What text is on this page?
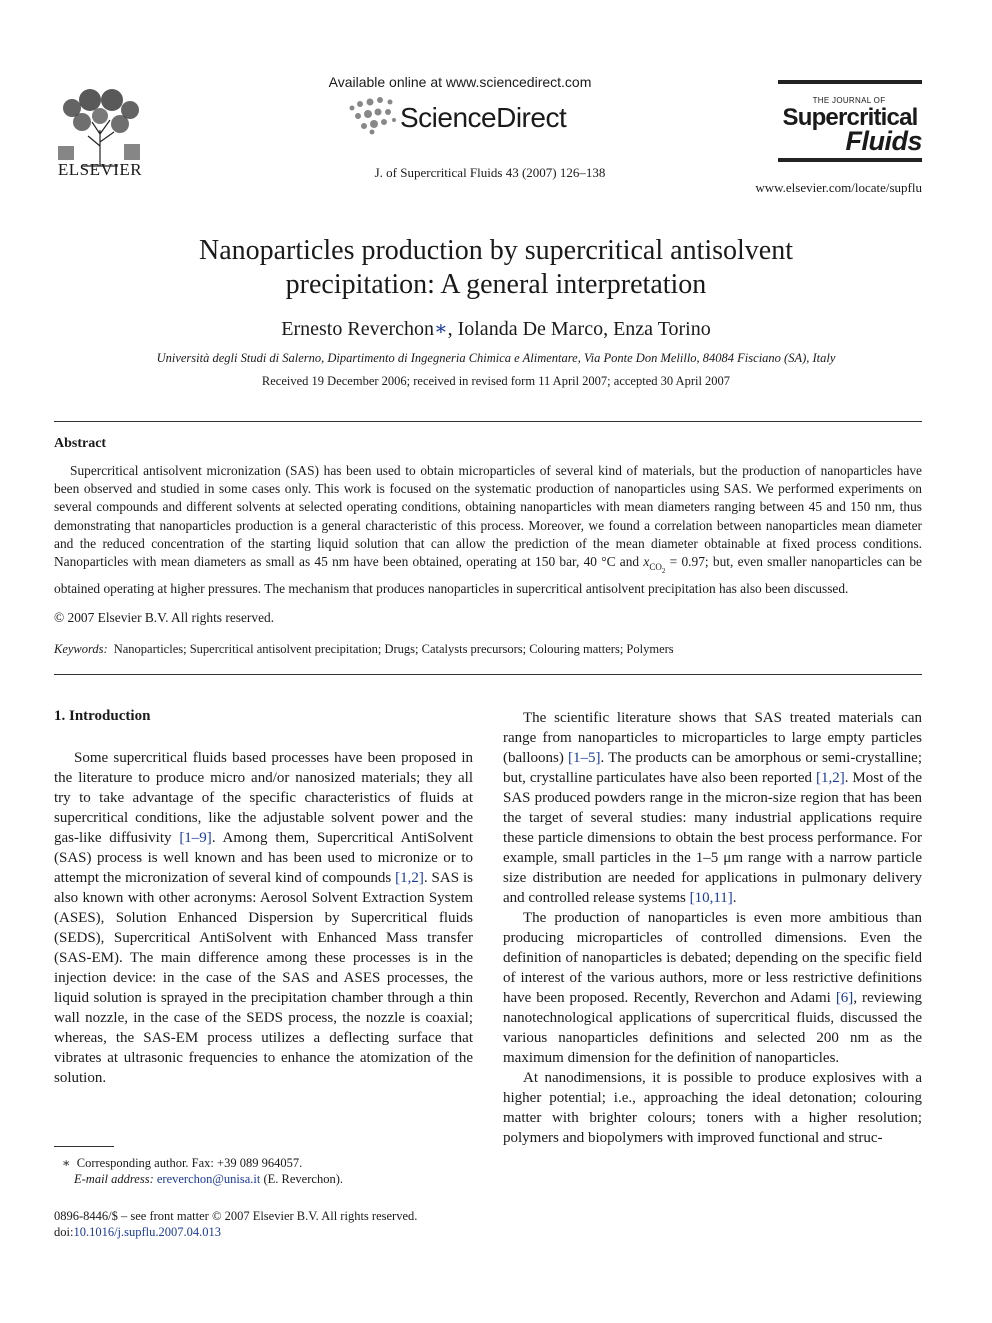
ELSEVIER
Available online at www.sciencedirect.com
ScienceDirect
J. of Supercritical Fluids 43 (2007) 126–138
THE JOURNAL OF
Supercritical
Fluids
www.elsevier.com/locate/supflu
Nanoparticles production by supercritical antisolvent
precipitation: A general interpretation
Ernesto Reverchon∗, Iolanda De Marco, Enza Torino
Università degli Studi di Salerno, Dipartimento di Ingegneria Chimica e Alimentare, Via Ponte Don Melillo, 84084 Fisciano (SA), Italy
Received 19 December 2006; received in revised form 11 April 2007; accepted 30 April 2007
Abstract

Supercritical antisolvent micronization (SAS) has been used to obtain microparticles of several kind of materials, but the production of nanoparticles have been observed and studied in some cases only. This work is focused on the systematic production of nanoparticles using SAS. We performed experiments on several compounds and different solvents at selected operating conditions, obtaining nanoparticles with mean diameters ranging between 45 and 150 nm, thus demonstrating that nanoparticles production is a general characteristic of this process. Moreover, we found a correlation between nanoparticles mean diameter and the reduced concentration of the starting liquid solution that can allow the prediction of the mean diameter obtainable at fixed process conditions. Nanoparticles with mean diameters as small as 45 nm have been obtained, operating at 150 bar, 40 °C and $x_{CO_2} = 0.97$; but, even smaller nanoparticles can be obtained operating at higher pressures. The mechanism that produces nanoparticles in supercritical antisolvent precipitation has also been discussed.

© 2007 Elsevier B.V. All rights reserved.
Keywords: Nanoparticles; Supercritical antisolvent precipitation; Drugs; Catalysts precursors; Colouring matters; Polymers
1. Introduction

Some supercritical fluids based processes have been proposed in the literature to produce micro and/or nanosized materials; they all try to take advantage of the specific characteristics of fluids at supercritical conditions, like the adjustable solvent power and the gas-like diffusivity [1–9]. Among them, Supercritical AntiSolvent (SAS) process is well known and has been used to micronize or to attempt the micronization of several kind of compounds [1,2]. SAS is also known with other acronyms: Aerosol Solvent Extraction System (ASES), Solution Enhanced Dispersion by Supercritical fluids (SEDS), Supercritical AntiSolvent with Enhanced Mass transfer (SAS-EM). The main difference among these processes is in the injection device: in the case of the SAS and ASES processes, the liquid solution is sprayed in the precipitation chamber through a thin wall nozzle, in the case of the SEDS process, the nozzle is coaxial; whereas, the SAS-EM process utilizes a deflecting surface that vibrates at ultrasonic frequencies to enhance the atomization of the solution.

The scientific literature shows that SAS treated materials can range from nanoparticles to microparticles to large empty particles (balloons) [1–5]. The products can be amorphous or semi-crystalline; but, crystalline particulates have also been reported [1,2]. Most of the SAS produced powders range in the micron-size region that has been the target of several studies: many industrial applications require these particle dimensions to obtain the best process performance. For example, small particles in the 1–5 μm range with a narrow particle size distribution are needed for applications in pulmonary delivery and controlled release systems [10,11].

The production of nanoparticles is even more ambitious than producing microparticles of controlled dimensions. Even the definition of nanoparticles is debated; depending on the specific field of interest of the various authors, more or less restrictive definitions have been proposed. Recently, Reverchon and Adami [6], reviewing nanotechnological applications of supercritical fluids, discussed the various nanoparticles definitions and selected 200 nm as the maximum dimension for the definition of nanoparticles.

At nanodimensions, it is possible to produce explosives with a higher potential; i.e., approaching the ideal detonation; colouring matter with brighter colours; toners with a higher resolution; polymers and biopolymers with improved functional and struc-

∗ Corresponding author. Fax: +39 089 964057.
E-mail address: ereverchon@unisa.it (E. Reverchon).
0896-8446/$ – see front matter © 2007 Elsevier B.V. All rights reserved.
doi:10.1016/j.supflu.2007.04.013
